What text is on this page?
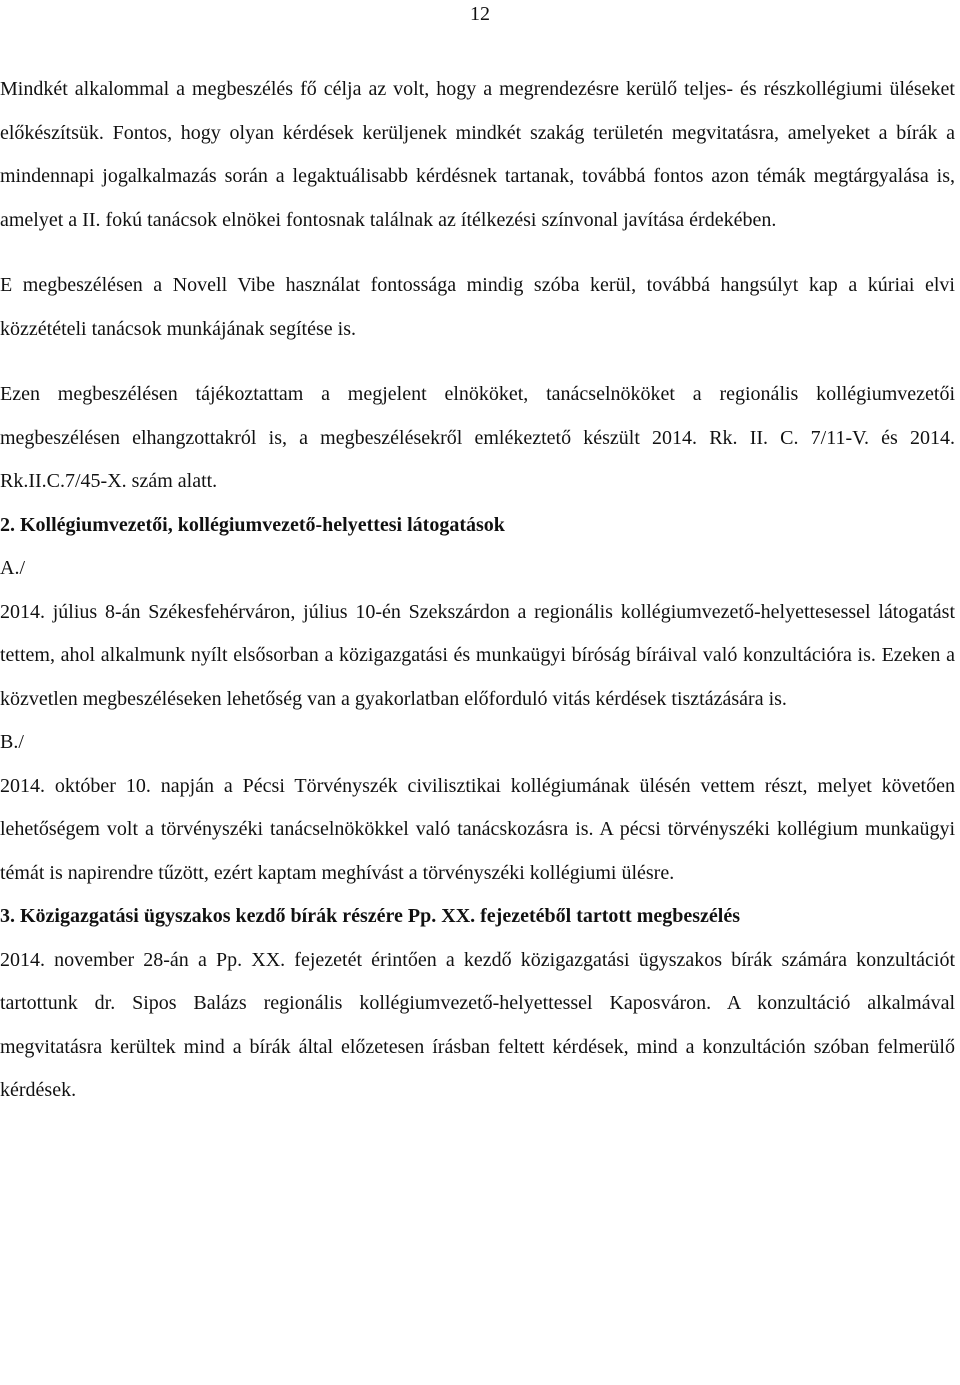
12

Mindkét alkalommal a megbeszélés fő célja az volt, hogy a megrendezésre kerülő teljes- és részkollégiumi üléseket előkészítsük. Fontos, hogy olyan kérdések kerüljenek mindkét szakág területén megvitatásra, amelyeket a bírák a mindennapi jogalkalmazás során a legaktuálisabb kérdésnek tartanak, továbbá fontos azon témák megtárgyalása is, amelyet a II. fokú tanácsok elnökei fontosnak találnak az ítélkezési színvonal javítása érdekében.

E megbeszélésen a Novell Vibe használat fontossága mindig szóba kerül, továbbá hangsúlyt kap a kúriai elvi közzétételi tanácsok munkájának segítése is.

Ezen megbeszélésen tájékoztattam a megjelent elnököket, tanácselnököket a regionális kollégiumvezetői megbeszélésen elhangzottakról is, a megbeszélésekről emlékeztető készült 2014. Rk. II. C. 7/11-V. és 2014. Rk.II.C.7/45-X. szám alatt.

2. Kollégiumvezetői, kollégiumvezető-helyettesi látogatások

A./

2014. július 8-án Székesfehérváron, július 10-én Szekszárdon a regionális kollégiumvezető-helyettesessel látogatást tettem, ahol alkalmunk nyílt elsősorban a közigazgatási és munkaügyi bíróság bíráival való konzultációra is. Ezeken a közvetlen megbeszéléseken lehetőség van a gyakorlatban előforduló vitás kérdések tisztázására is.

B./

2014. október 10. napján a Pécsi Törvényszék civilisztikai kollégiumának ülésén vettem részt, melyet követően lehetőségem volt a törvényszéki tanácselnökökkel való tanácskozásra is. A pécsi törvényszéki kollégium munkaügyi témát is napirendre tűzött, ezért kaptam meghívást a törvényszéki kollégiumi ülésre.

3. Közigazgatási ügyszakos kezdő bírák részére Pp. XX. fejezetéből tartott megbeszélés

2014. november 28-án a Pp. XX. fejezetét érintően a kezdő közigazgatási ügyszakos bírák számára konzultációt tartottunk dr. Sipos Balázs regionális kollégiumvezető-helyettessel Kaposváron. A konzultáció alkalmával megvitatásra kerültek mind a bírák által előzetesen írásban feltett kérdések, mind a konzultáción szóban felmerülő kérdések.
